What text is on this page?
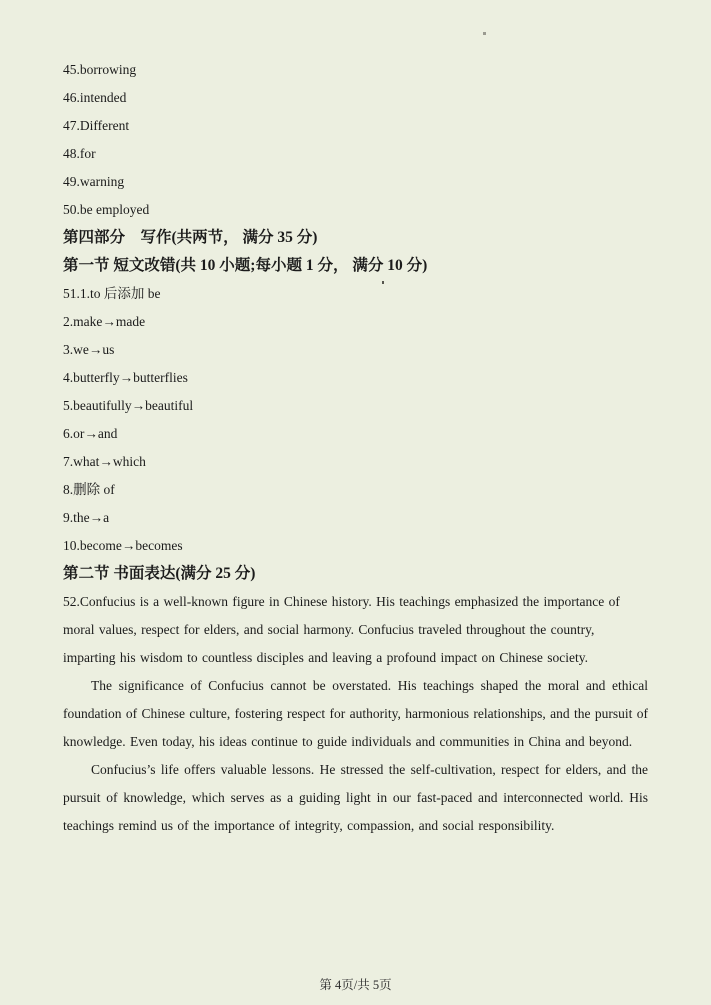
45.borrowing
46.intended
47.Different
48.for
49.warning
50.be employed
第四部分　写作(共两节， 满分 35 分)
第一节 短文改错(共 10 小题;每小题 1 分， 满分 10 分)
51.1.to 后添加 be
2.make→made
3.we→us
4.butterfly→butterflies
5.beautifully→beautiful
6.or→and
7.what→which
8.删除 of
9.the→a
10.become→becomes
第二节 书面表达(满分 25 分)

52.Confucius is a well-known figure in Chinese history. His teachings emphasized the importance of moral values, respect for elders, and social harmony. Confucius traveled throughout the country, imparting his wisdom to countless disciples and leaving a profound impact on Chinese society.

The significance of Confucius cannot be overstated. His teachings shaped the moral and ethical foundation of Chinese culture, fostering respect for authority, harmonious relationships, and the pursuit of knowledge. Even today, his ideas continue to guide individuals and communities in China and beyond.

Confucius’s life offers valuable lessons. He stressed the self-cultivation, respect for elders, and the pursuit of knowledge, which serves as a guiding light in our fast-paced and interconnected world. His teachings remind us of the importance of integrity, compassion, and social responsibility.

第 4页/共 5页
